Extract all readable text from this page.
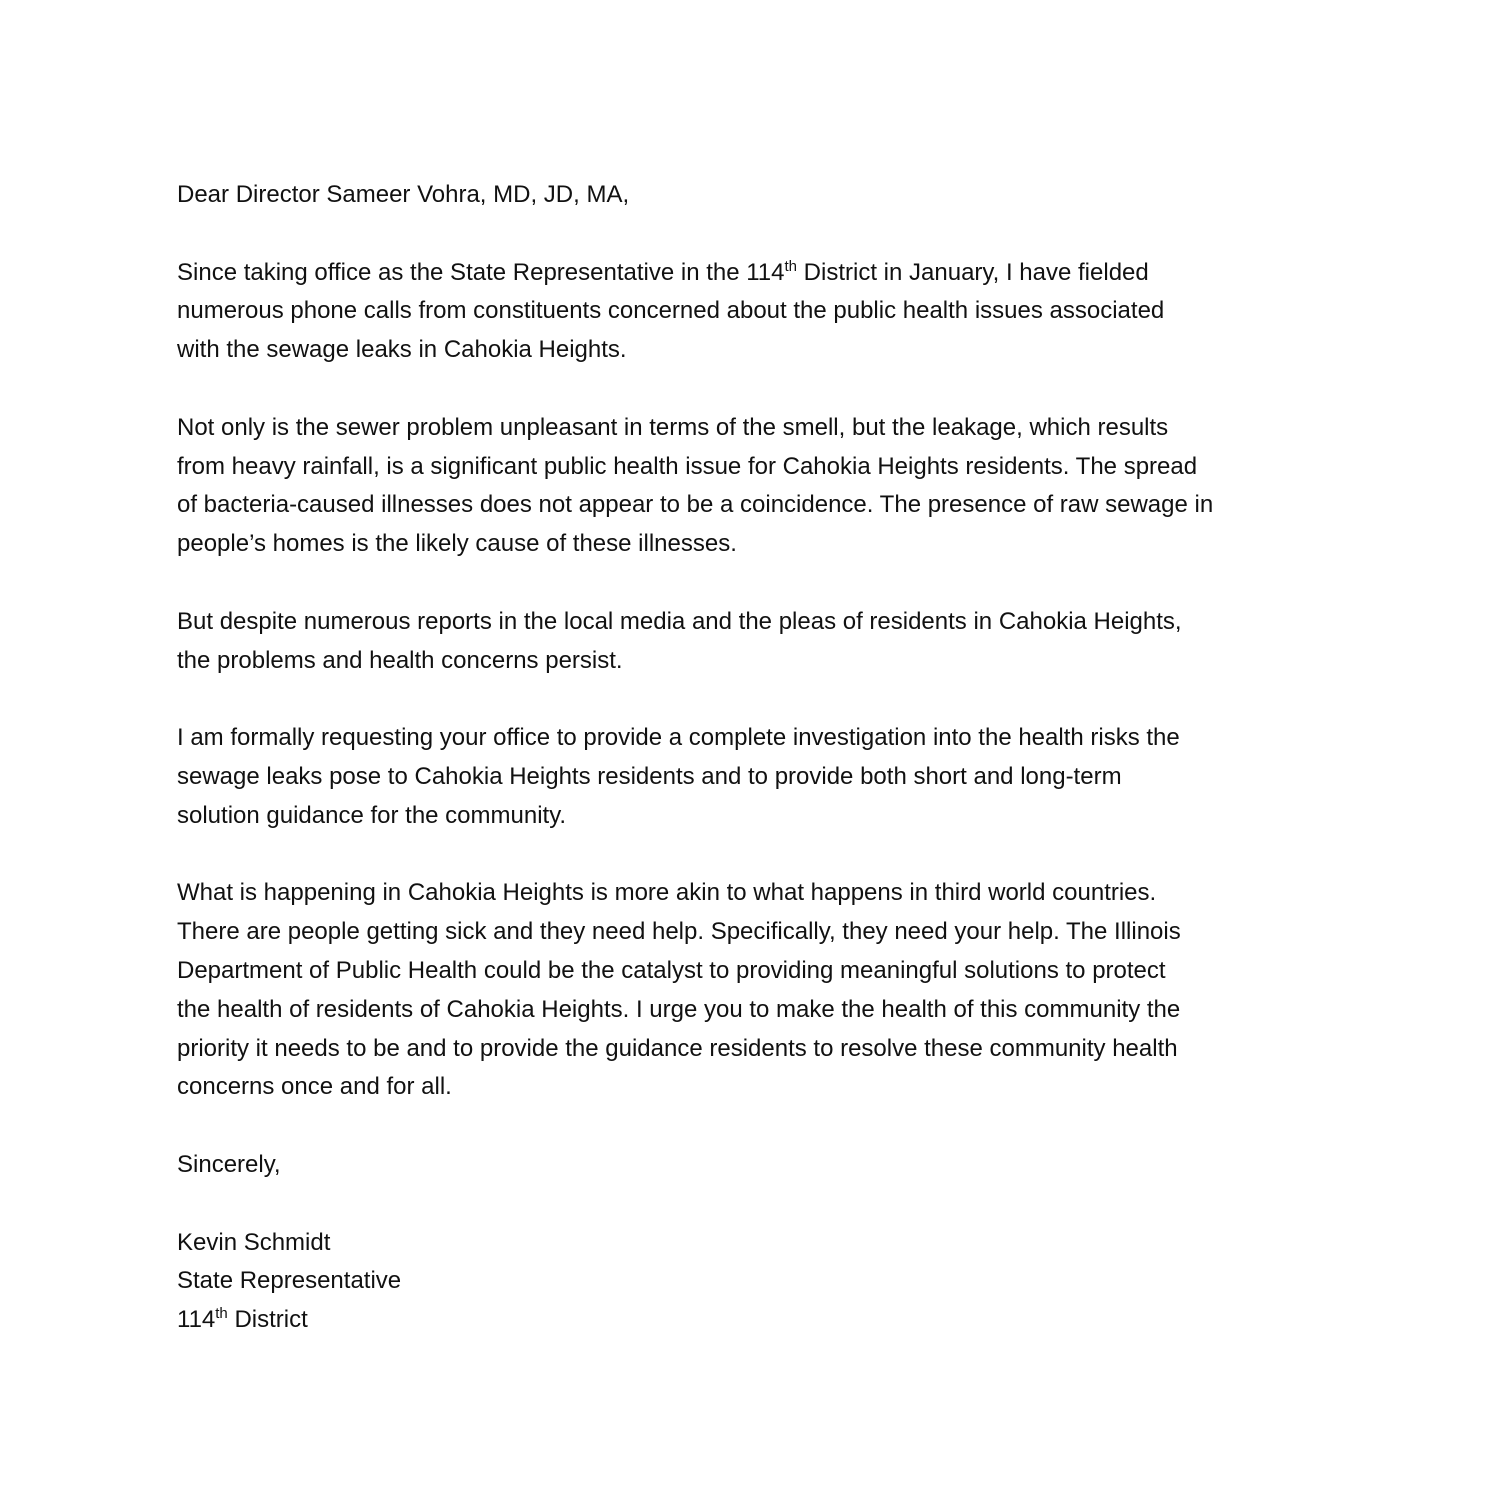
Dear Director Sameer Vohra, MD, JD, MA,
Since taking office as the State Representative in the 114th District in January, I have fielded
numerous phone calls from constituents concerned about the public health issues associated
with the sewage leaks in Cahokia Heights.
Not only is the sewer problem unpleasant in terms of the smell, but the leakage, which results
from heavy rainfall, is a significant public health issue for Cahokia Heights residents. The spread
of bacteria-caused illnesses does not appear to be a coincidence. The presence of raw sewage in
people’s homes is the likely cause of these illnesses.
But despite numerous reports in the local media and the pleas of residents in Cahokia Heights,
the problems and health concerns persist.
I am formally requesting your office to provide a complete investigation into the health risks the
sewage leaks pose to Cahokia Heights residents and to provide both short and long-term
solution guidance for the community.
What is happening in Cahokia Heights is more akin to what happens in third world countries.
There are people getting sick and they need help. Specifically, they need your help. The Illinois
Department of Public Health could be the catalyst to providing meaningful solutions to protect
the health of residents of Cahokia Heights. I urge you to make the health of this community the
priority it needs to be and to provide the guidance residents to resolve these community health
concerns once and for all.
Sincerely,
Kevin Schmidt
State Representative
114th District
